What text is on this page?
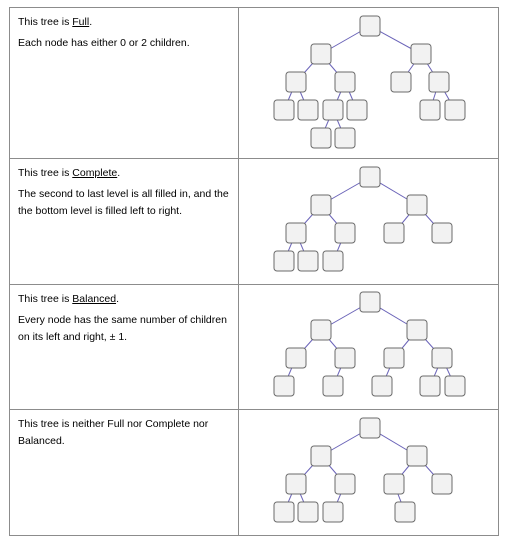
This tree is Full.

Each node has either 0 or 2 children.

This tree is Complete.

The second to last level is all filled in, and the the bottom level is filled left to right.

This tree is Balanced.

Every node has the same number of children on its left and right, ± 1.

This tree is neither Full nor Complete nor Balanced.
